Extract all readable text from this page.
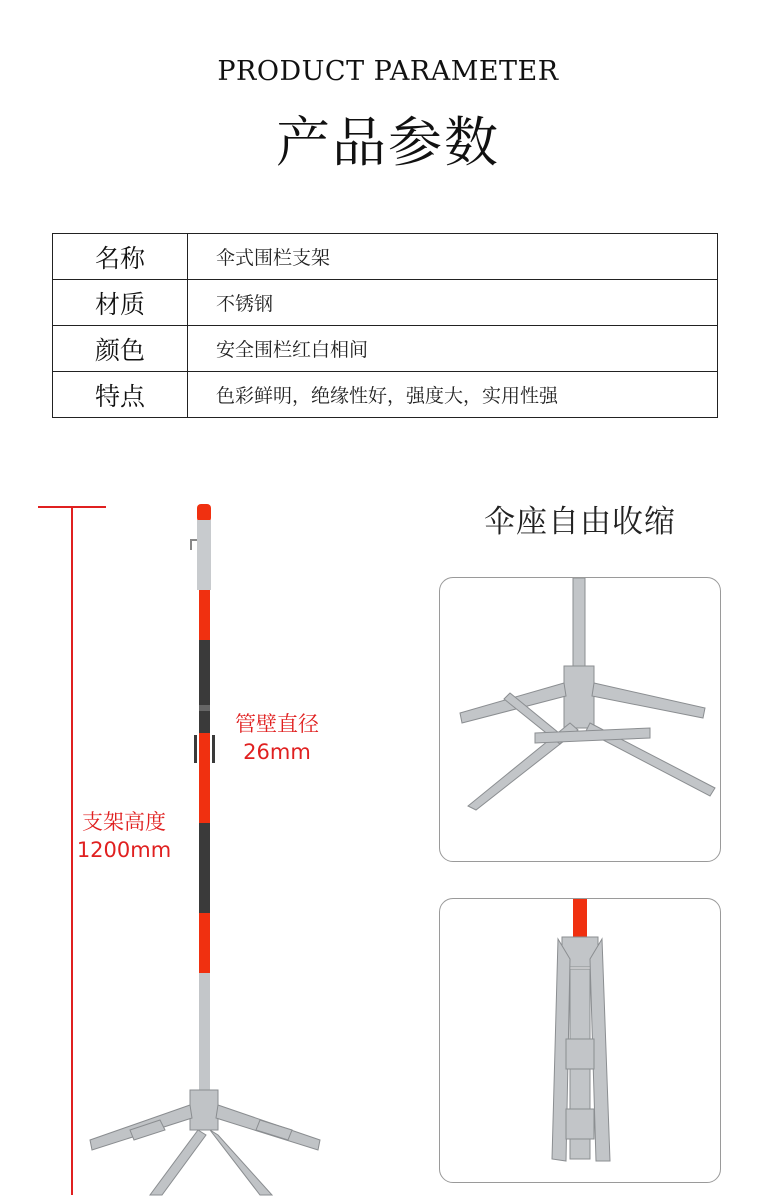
PRODUCT PARAMETER
产品参数
名称	伞式围栏支架
材质	不锈钢
颜色	安全围栏红白相间
特点	色彩鲜明，绝缘性好，强度大，实用性强
管壁直径
26mm
支架高度
1200mm
伞座自由收缩
